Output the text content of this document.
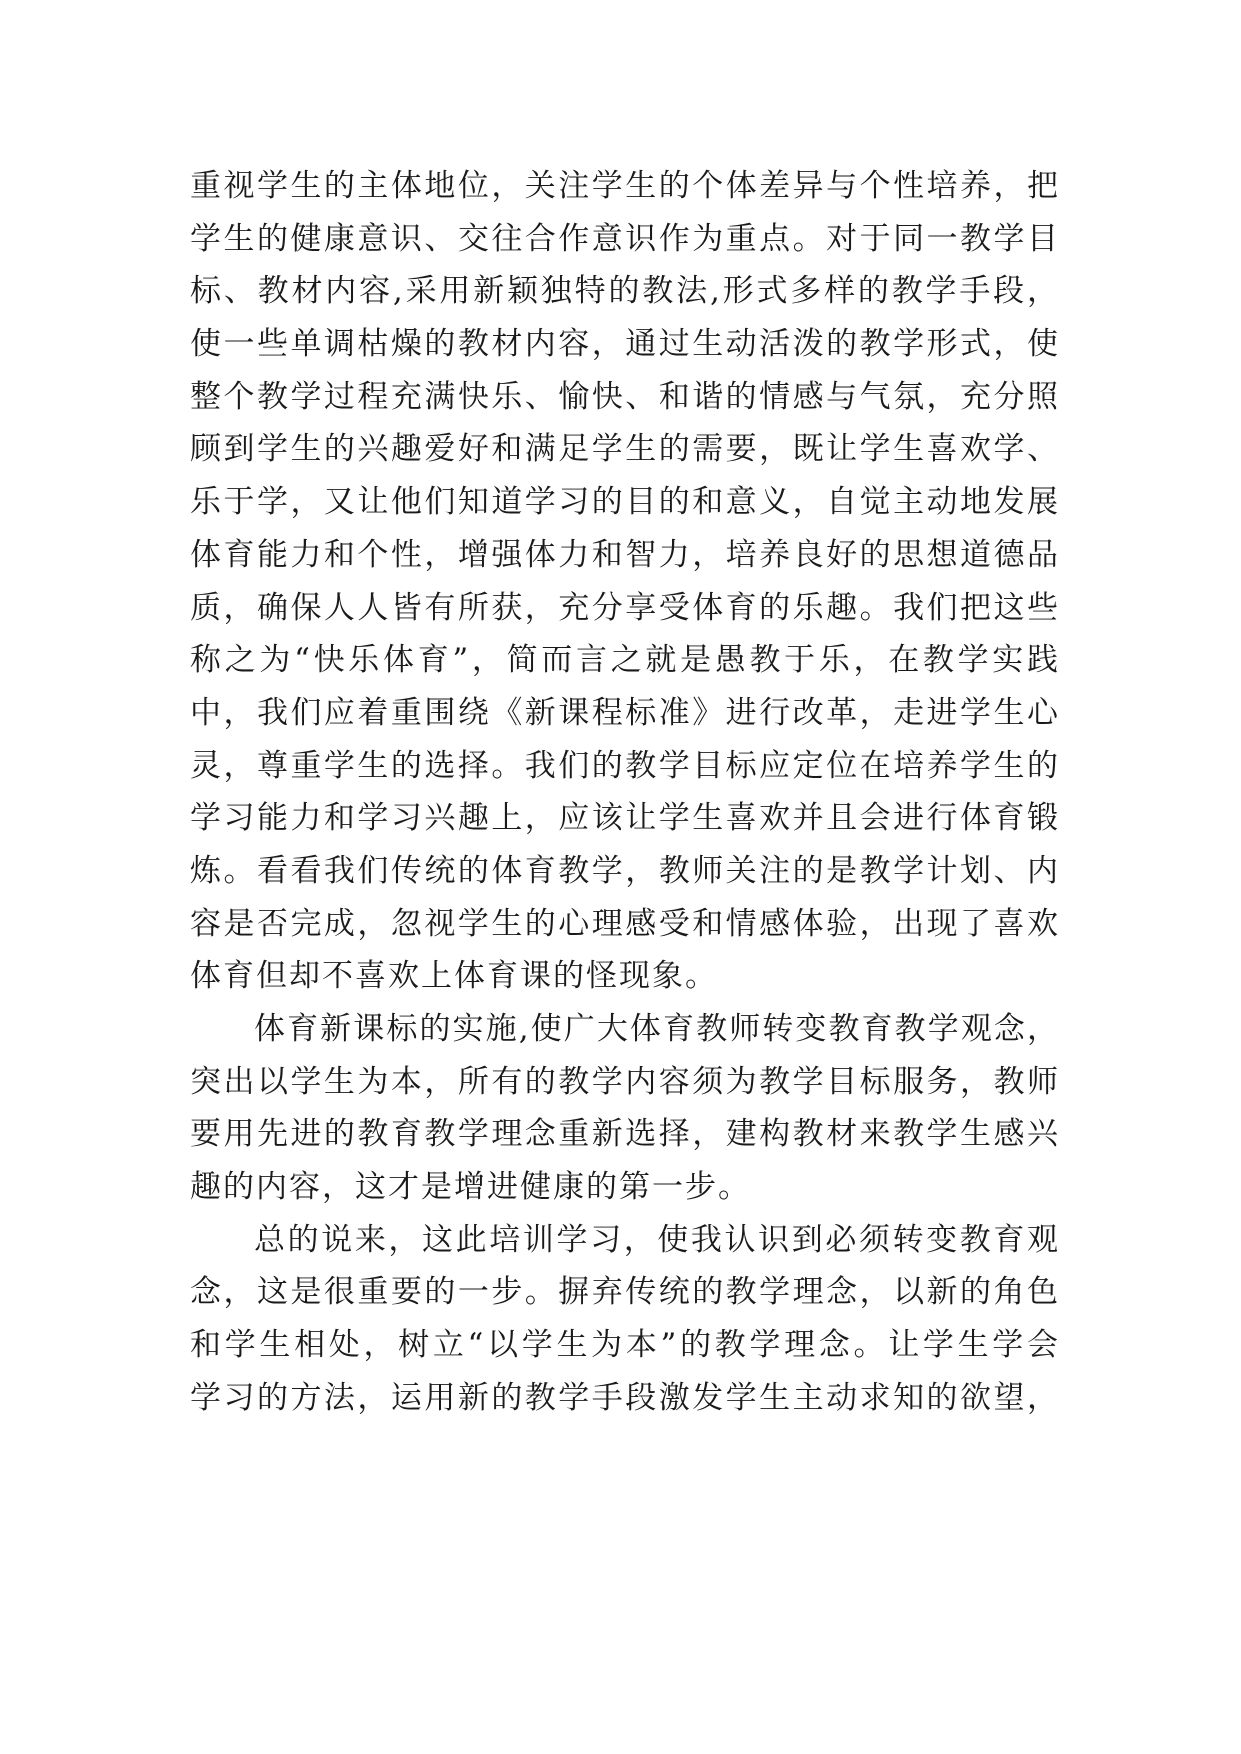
重视学生的主体地位，关注学生的个体差异与个性培养，把
学生的健康意识、交往合作意识作为重点。对于同一教学目
标、教材内容,采用新颖独特的教法,形式多样的教学手段，
使一些单调枯燥的教材内容，通过生动活泼的教学形式，使
整个教学过程充满快乐、愉快、和谐的情感与气氛，充分照
顾到学生的兴趣爱好和满足学生的需要，既让学生喜欢学、
乐于学，又让他们知道学习的目的和意义，自觉主动地发展
体育能力和个性，增强体力和智力，培养良好的思想道德品
质，确保人人皆有所获，充分享受体育的乐趣。我们把这些
称之为“快乐体育”，简而言之就是愚教于乐，在教学实践
中，我们应着重围绕《新课程标准》进行改革，走进学生心
灵，尊重学生的选择。我们的教学目标应定位在培养学生的
学习能力和学习兴趣上，应该让学生喜欢并且会进行体育锻
炼。看看我们传统的体育教学，教师关注的是教学计划、内
容是否完成，忽视学生的心理感受和情感体验，出现了喜欢
体育但却不喜欢上体育课的怪现象。
体育新课标的实施,使广大体育教师转变教育教学观念，
突出以学生为本，所有的教学内容须为教学目标服务，教师
要用先进的教育教学理念重新选择，建构教材来教学生感兴
趣的内容，这才是增进健康的第一步。
总的说来，这此培训学习，使我认识到必须转变教育观
念，这是很重要的一步。摒弃传统的教学理念，以新的角色
和学生相处，树立“以学生为本”的教学理念。让学生学会
学习的方法，运用新的教学手段激发学生主动求知的欲望，
